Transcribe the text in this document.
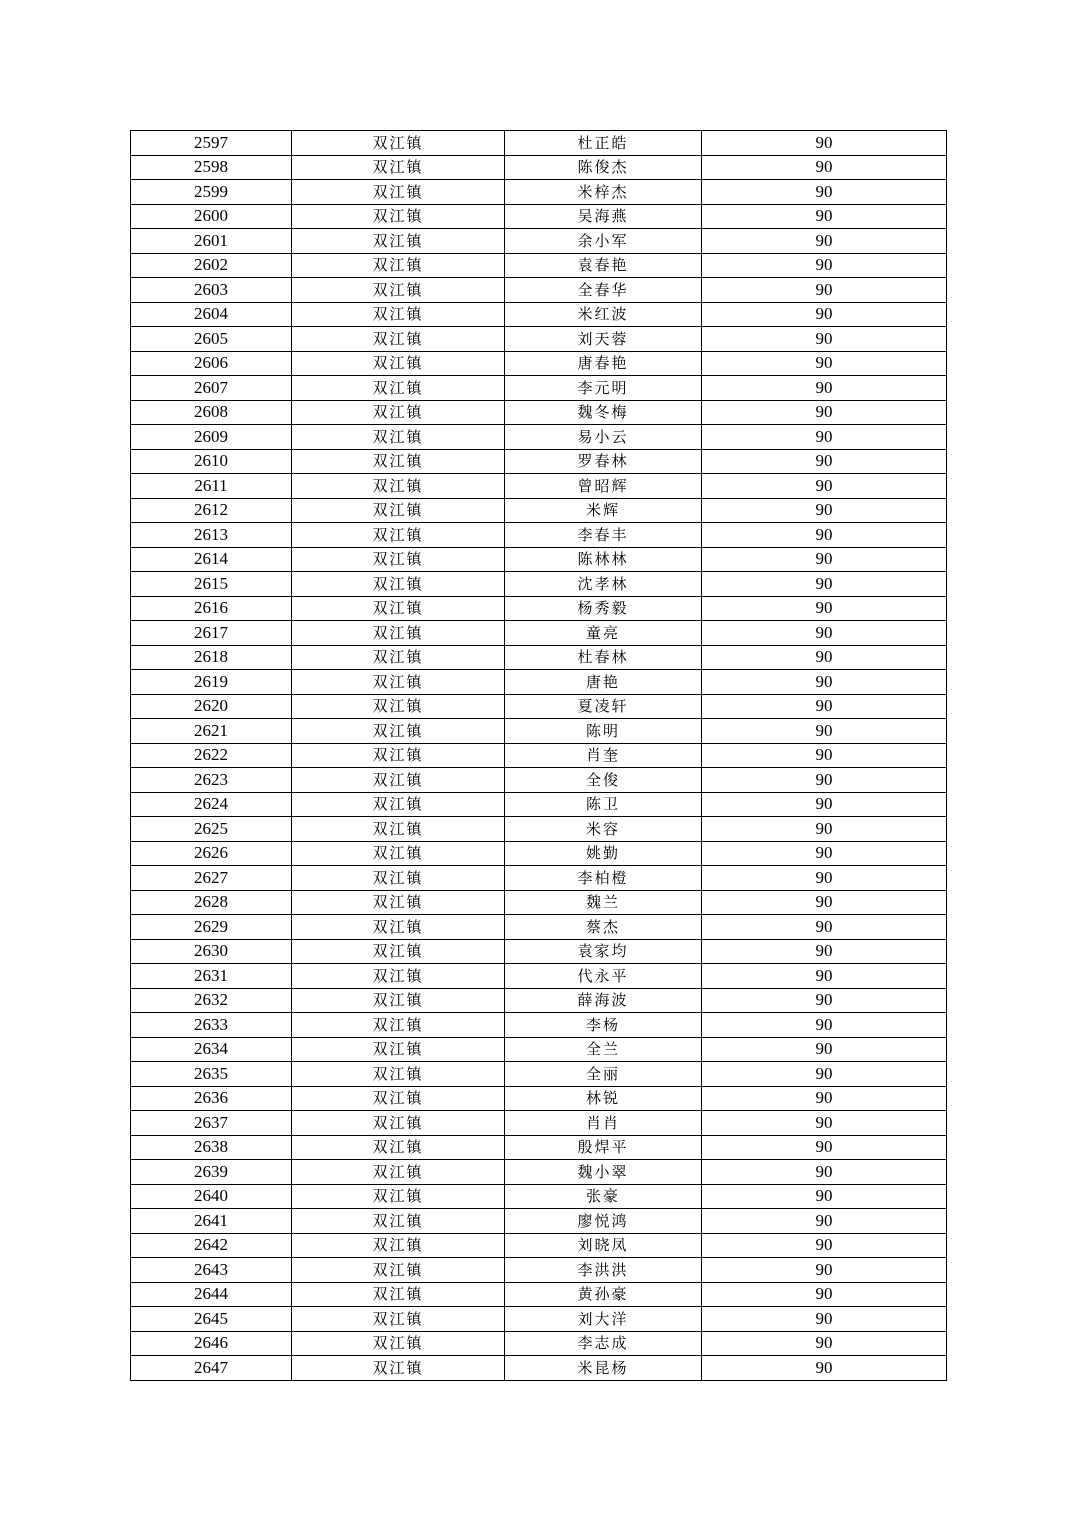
2597	双江镇	杜正皓	90
2598	双江镇	陈俊杰	90
2599	双江镇	米梓杰	90
2600	双江镇	吴海燕	90
2601	双江镇	余小军	90
2602	双江镇	袁春艳	90
2603	双江镇	全春华	90
2604	双江镇	米红波	90
2605	双江镇	刘天蓉	90
2606	双江镇	唐春艳	90
2607	双江镇	李元明	90
2608	双江镇	魏冬梅	90
2609	双江镇	易小云	90
2610	双江镇	罗春林	90
2611	双江镇	曾昭辉	90
2612	双江镇	米辉	90
2613	双江镇	李春丰	90
2614	双江镇	陈林林	90
2615	双江镇	沈孝林	90
2616	双江镇	杨秀毅	90
2617	双江镇	童亮	90
2618	双江镇	杜春林	90
2619	双江镇	唐艳	90
2620	双江镇	夏凌轩	90
2621	双江镇	陈明	90
2622	双江镇	肖奎	90
2623	双江镇	全俊	90
2624	双江镇	陈卫	90
2625	双江镇	米容	90
2626	双江镇	姚勤	90
2627	双江镇	李柏橙	90
2628	双江镇	魏兰	90
2629	双江镇	蔡杰	90
2630	双江镇	袁家均	90
2631	双江镇	代永平	90
2632	双江镇	薛海波	90
2633	双江镇	李杨	90
2634	双江镇	全兰	90
2635	双江镇	全丽	90
2636	双江镇	林锐	90
2637	双江镇	肖肖	90
2638	双江镇	殷焊平	90
2639	双江镇	魏小翠	90
2640	双江镇	张豪	90
2641	双江镇	廖悦鸿	90
2642	双江镇	刘晓凤	90
2643	双江镇	李洪洪	90
2644	双江镇	黄孙豪	90
2645	双江镇	刘大洋	90
2646	双江镇	李志成	90
2647	双江镇	米昆杨	90
